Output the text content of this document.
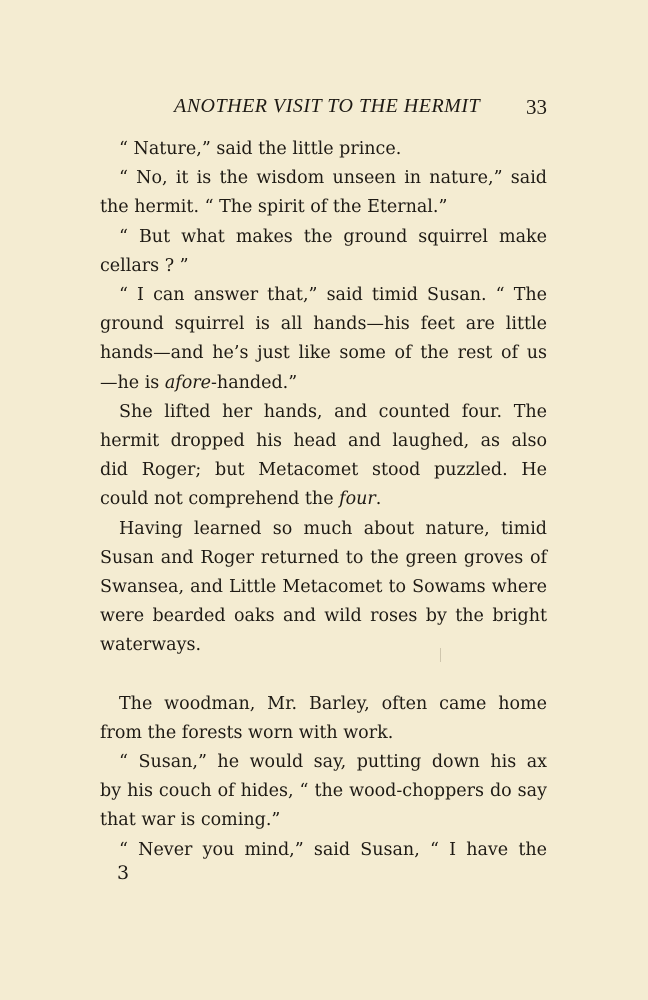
ANOTHER VISIT TO THE HERMIT 33

“ Nature,” said the little prince.

“ No, it is the wisdom unseen in nature,” said
the hermit. “ The spirit of the Eternal.”

“ But what makes the ground squirrel make
cellars ? ”

“ I can answer that,” said timid Susan. “ The
ground squirrel is all hands—his feet are little
hands—and he’s just like some of the rest of us
—he is afore-handed.”

She lifted her hands, and counted four. The
hermit dropped his head and laughed, as also
did Roger; but Metacomet stood puzzled. He
could not comprehend the four.

Having learned so much about nature, timid
Susan and Roger returned to the green groves of
Swansea, and Little Metacomet to Sowams where
were bearded oaks and wild roses by the bright
waterways.

The woodman, Mr. Barley, often came home
from the forests worn with work.

“ Susan,” he would say, putting down his ax
by his couch of hides, “ the wood-choppers do say
that war is coming.”

“ Never you mind,” said Susan, “ I have the

3
